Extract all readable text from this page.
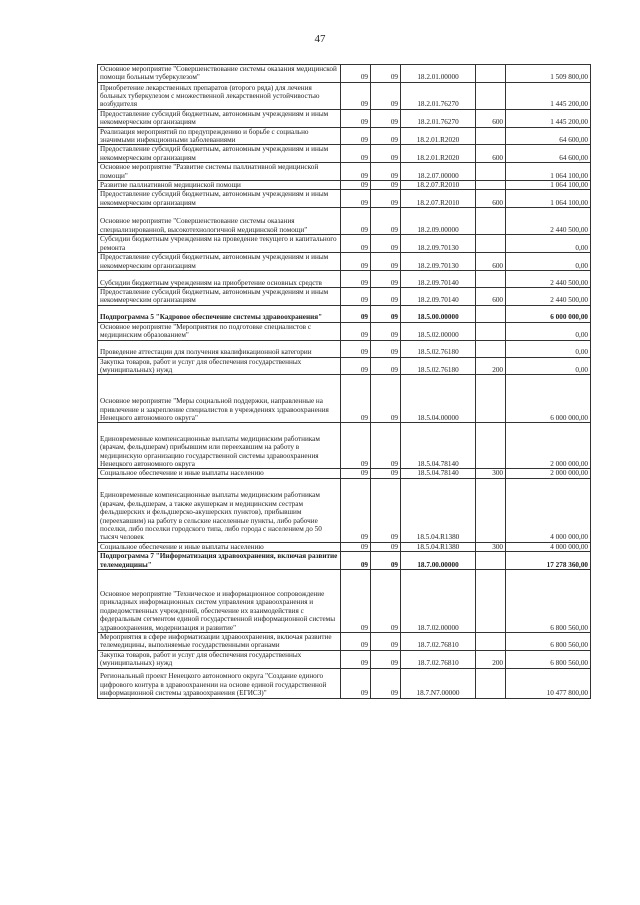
47
Основное мероприятие "Совершенствование системы оказания медицинской помощи больным туберкулезом"	09	09	18.2.01.00000		1 509 800,00
Приобретение лекарственных препаратов (второго ряда) для лечения больных туберкулезом с множественной лекарственной устойчивостью возбудителя	09	09	18.2.01.76270		1 445 200,00
Предоставление субсидий бюджетным, автономным учреждениям и иным некоммерческим организациям	09	09	18.2.01.76270	600	1 445 200,00
Реализация мероприятий по предупреждению и борьбе с социально значимыми инфекционными заболеваниями	09	09	18.2.01.R2020		64 600,00
Предоставление субсидий бюджетным, автономным учреждениям и иным некоммерческим организациям	09	09	18.2.01.R2020	600	64 600,00
Основное мероприятие "Развитие системы паллиативной медицинской помощи"	09	09	18.2.07.00000		1 064 100,00
Развитие паллиативной медицинской помощи	09	09	18.2.07.R2010		1 064 100,00
Предоставление субсидий бюджетным, автономным учреждениям и иным некоммерческим организациям	09	09	18.2.07.R2010	600	1 064 100,00
Основное мероприятие "Совершенствование системы оказания специализированной, высокотехнологичной медицинской помощи"	09	09	18.2.09.00000		2 440 500,00
Субсидии бюджетным учреждениям на проведение текущего и капитального ремонта	09	09	18.2.09.70130		0,00
Предоставление субсидий бюджетным, автономным учреждениям и иным некоммерческим организациям	09	09	18.2.09.70130	600	0,00
Субсидии бюджетным учреждениям на приобретение основных средств	09	09	18.2.09.70140		2 440 500,00
Предоставление субсидий бюджетным, автономным учреждениям и иным некоммерческим организациям	09	09	18.2.09.70140	600	2 440 500,00
Подпрограмма 5 "Кадровое обеспечение системы здравоохранения"	09	09	18.5.00.00000		6 000 000,00
Основное мероприятие "Мероприятия по подготовке специалистов с медицинским образованием"	09	09	18.5.02.00000		0,00
Проведение аттестации для получения квалификационной категории	09	09	18.5.02.76180		0,00
Закупка товаров, работ и услуг для обеспечения государственных (муниципальных) нужд	09	09	18.5.02.76180	200	0,00
Основное мероприятие "Меры социальной поддержки, направленные на привлечение и закрепление специалистов в учреждениях здравоохранения Ненецкого автономного округа"	09	09	18.5.04.00000		6 000 000,00
Единовременные компенсационные выплаты медицинским работникам (врачам, фельдшерам) прибывшим или переехавшим на работу в медицинскую организацию государственной системы здравоохранения Ненецкого автономного округа	09	09	18.5.04.78140		2 000 000,00
Социальное обеспечение и иные выплаты населению	09	09	18.5.04.78140	300	2 000 000,00
Единовременные компенсационные выплаты медицинским работникам (врачам, фельдшерам, а также акушеркам и медицинским сестрам фельдшерских и фельдшерско-акушерских пунктов), прибывшим (переехавшим) на работу в сельские населенные пункты, либо рабочие поселки, либо поселки городского типа, либо города с населением до 50 тысяч человек	09	09	18.5.04.R1380		4 000 000,00
Социальное обеспечение и иные выплаты населению	09	09	18.5.04.R1380	300	4 000 000,00
Подпрограмма 7 "Информатизация здравоохранения, включая развитие телемедицины"	09	09	18.7.00.00000		17 278 360,00
Основное мероприятие "Техническое и информационное сопровождение прикладных информационных систем управления здравоохранения и подведомственных учреждений, обеспечение их взаимодействия с федеральным сегментом единой государственной информационной системы здравоохранения, модернизация и развитие"	09	09	18.7.02.00000		6 800 560,00
Мероприятия в сфере информатизации здравоохранения, включая развитие телемедицины, выполняемые государственными органами	09	09	18.7.02.76810		6 800 560,00
Закупка товаров, работ и услуг для обеспечения государственных (муниципальных) нужд	09	09	18.7.02.76810	200	6 800 560,00
Региональный проект Ненецкого автономного округа "Создание единого цифрового контура в здравоохранении на основе единой государственной информационной системы здравоохранения (ЕГИСЗ)"	09	09	18.7.N7.00000		10 477 800,00
